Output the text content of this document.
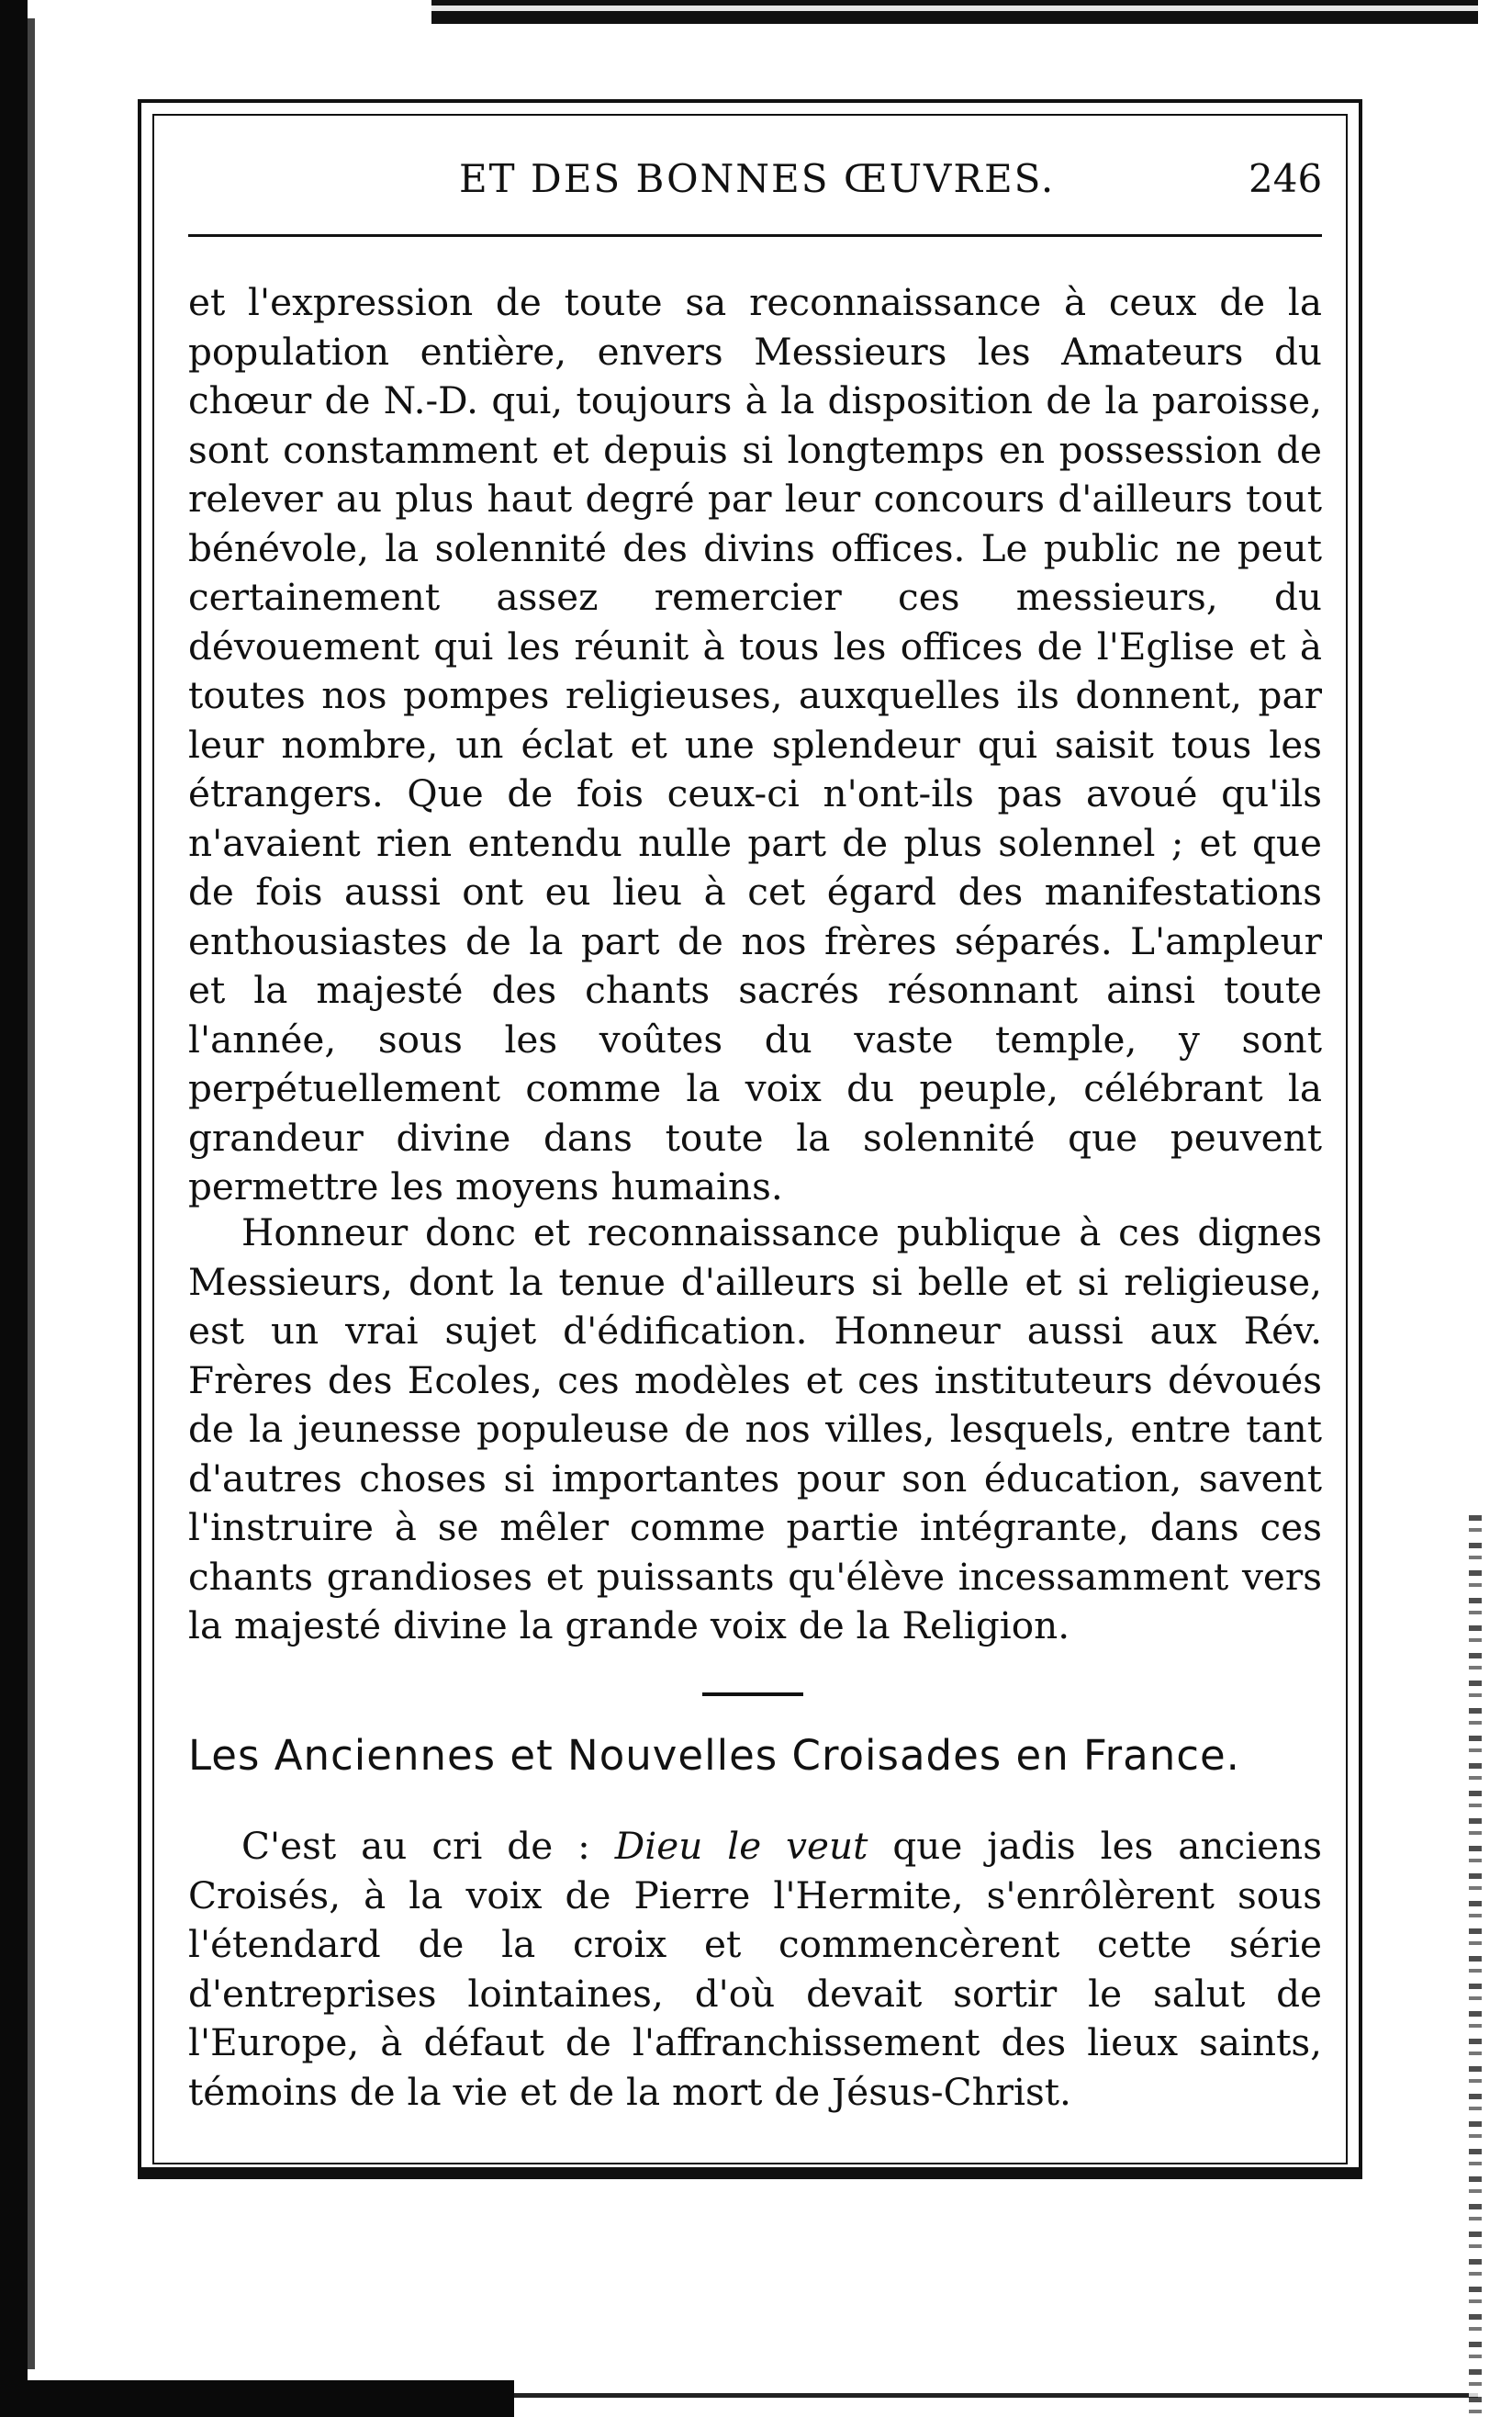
ET DES BONNES ŒUVRES.	246

et l'expression de toute sa reconnaissance à ceux de la population entière, envers Messieurs les Amateurs du chœur de N.-D. qui, toujours à la disposition de la paroisse, sont constamment et depuis si longtemps en possession de relever au plus haut degré par leur concours d'ailleurs tout bénévole, la solennité des divins offices. Le public ne peut certainement assez remercier ces messieurs, du dévouement qui les réunit à tous les offices de l'Eglise et à toutes nos pompes religieuses, auxquelles ils donnent, par leur nombre, un éclat et une splendeur qui saisit tous les étrangers. Que de fois ceux-ci n'ont-ils pas avoué qu'ils n'avaient rien entendu nulle part de plus solennel ; et que de fois aussi ont eu lieu à cet égard des manifestations enthousiastes de la part de nos frères séparés. L'ampleur et la majesté des chants sacrés résonnant ainsi toute l'année, sous les voûtes du vaste temple, y sont perpétuellement comme la voix du peuple, célébrant la grandeur divine dans toute la solennité que peuvent permettre les moyens humains.

Honneur donc et reconnaissance publique à ces dignes Messieurs, dont la tenue d'ailleurs si belle et si religieuse, est un vrai sujet d'édification. Honneur aussi aux Rév. Frères des Ecoles, ces modèles et ces instituteurs dévoués de la jeunesse populeuse de nos villes, lesquels, entre tant d'autres choses si importantes pour son éducation, savent l'instruire à se mêler comme partie intégrante, dans ces chants grandioses et puissants qu'élève incessamment vers la majesté divine la grande voix de la Religion.

Les Anciennes et Nouvelles Croisades en France.

C'est au cri de : Dieu le veut que jadis les anciens Croisés, à la voix de Pierre l'Hermite, s'enrôlèrent sous l'étendard de la croix et commencèrent cette série d'entreprises lointaines, d'où devait sortir le salut de l'Europe, à défaut de l'affranchissement des lieux saints, témoins de la vie et de la mort de Jésus-Christ.
